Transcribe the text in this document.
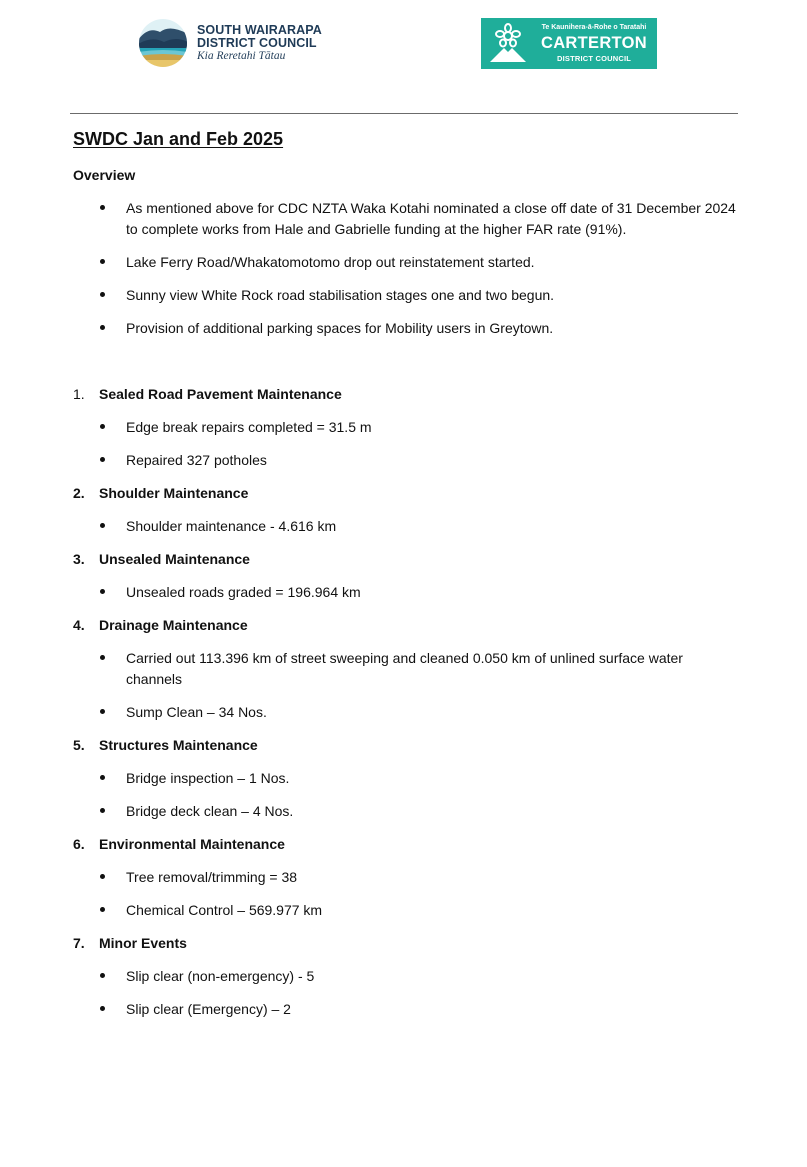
SOUTH WAIRARAPA
DISTRICT COUNCIL
Kia Reretahi Tātau
Te Kaunihera-ā-Rohe o Taratahi
CARTERTON
DISTRICT COUNCIL
SWDC Jan and Feb 2025
Overview
As mentioned above for CDC NZTA Waka Kotahi nominated a close off date of 31 December 2024 to complete works from Hale and Gabrielle funding at the higher FAR rate (91%).
Lake Ferry Road/Whakatomotomo drop out reinstatement started.
Sunny view White Rock road stabilisation stages one and two begun.
Provision of additional parking spaces for Mobility users in Greytown.
1. Sealed Road Pavement Maintenance
Edge break repairs completed = 31.5 m
Repaired 327 potholes
2. Shoulder Maintenance
Shoulder maintenance - 4.616 km
3. Unsealed Maintenance
Unsealed roads graded = 196.964 km
4. Drainage Maintenance
Carried out 113.396 km of street sweeping and cleaned 0.050 km of unlined surface water channels
Sump Clean – 34 Nos.
5. Structures Maintenance
Bridge inspection – 1 Nos.
Bridge deck clean – 4 Nos.
6. Environmental Maintenance
Tree removal/trimming = 38
Chemical Control – 569.977 km
7. Minor Events
Slip clear (non-emergency) - 5
Slip clear (Emergency) – 2
